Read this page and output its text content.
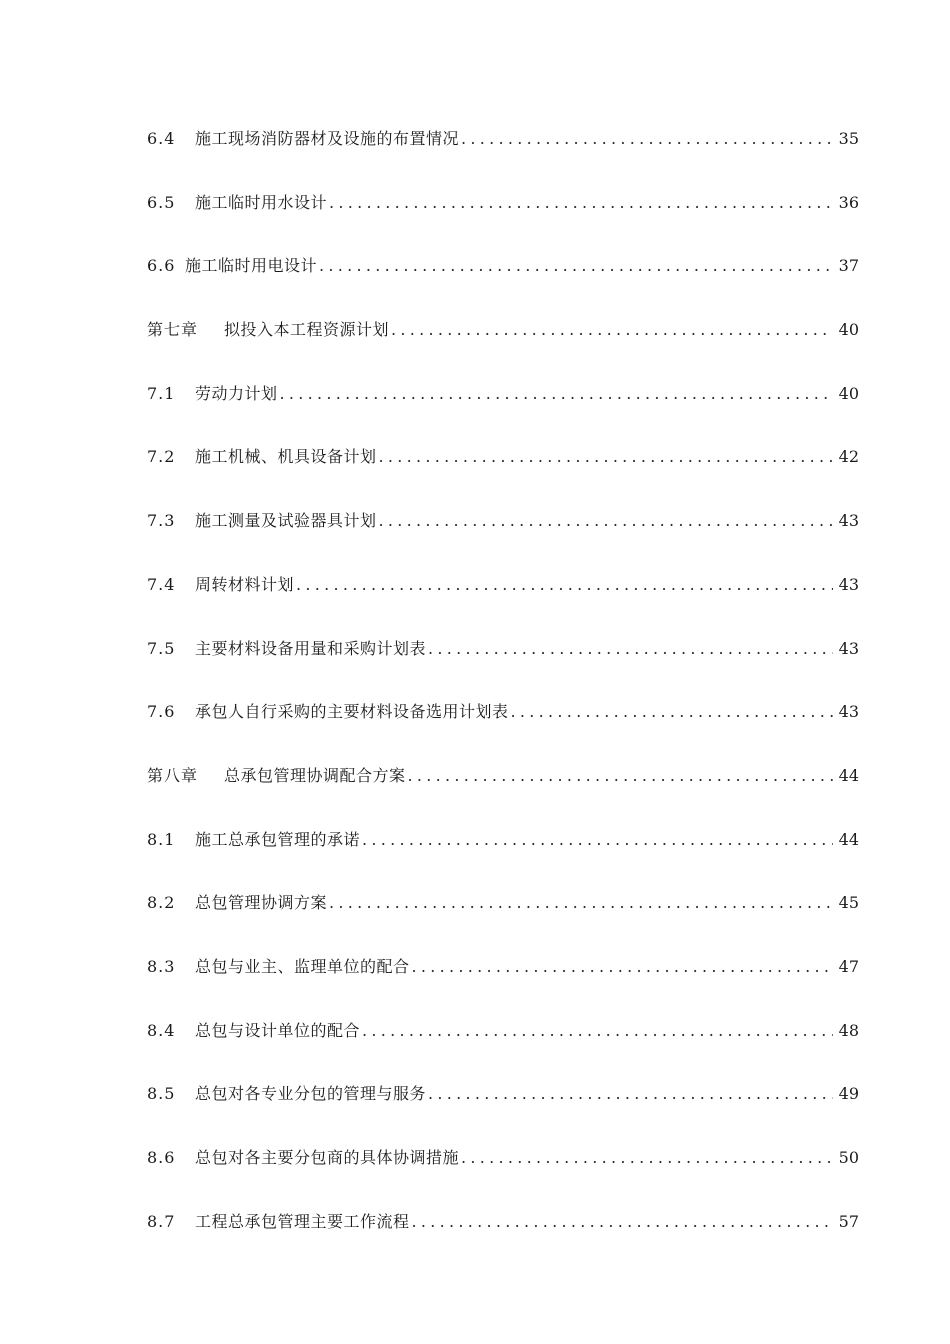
6.4	施工现场消防器材及设施的布置情况 . . .	35
6.5	施工临时用水设计 . . .	36
6.6 施工临时用电设计 . . .	37
第七章	拟投入本工程资源计划 . . .	40
7.1	劳动力计划 . . .	40
7.2	施工机械、机具设备计划 . . .	42
7.3	施工测量及试验器具计划 . . .	43
7.4	周转材料计划 . . .	43
7.5	主要材料设备用量和采购计划表 . . .	43
7.6	承包人自行采购的主要材料设备选用计划表 . . .	43
第八章	总承包管理协调配合方案 . . .	44
8.1	施工总承包管理的承诺 . . .	44
8.2	总包管理协调方案 . . .	45
8.3	总包与业主、监理单位的配合 . . .	47
8.4	总包与设计单位的配合 . . .	48
8.5	总包对各专业分包的管理与服务 . . .	49
8.6	总包对各主要分包商的具体协调措施 . . .	50
8.7	工程总承包管理主要工作流程 . . .	57
